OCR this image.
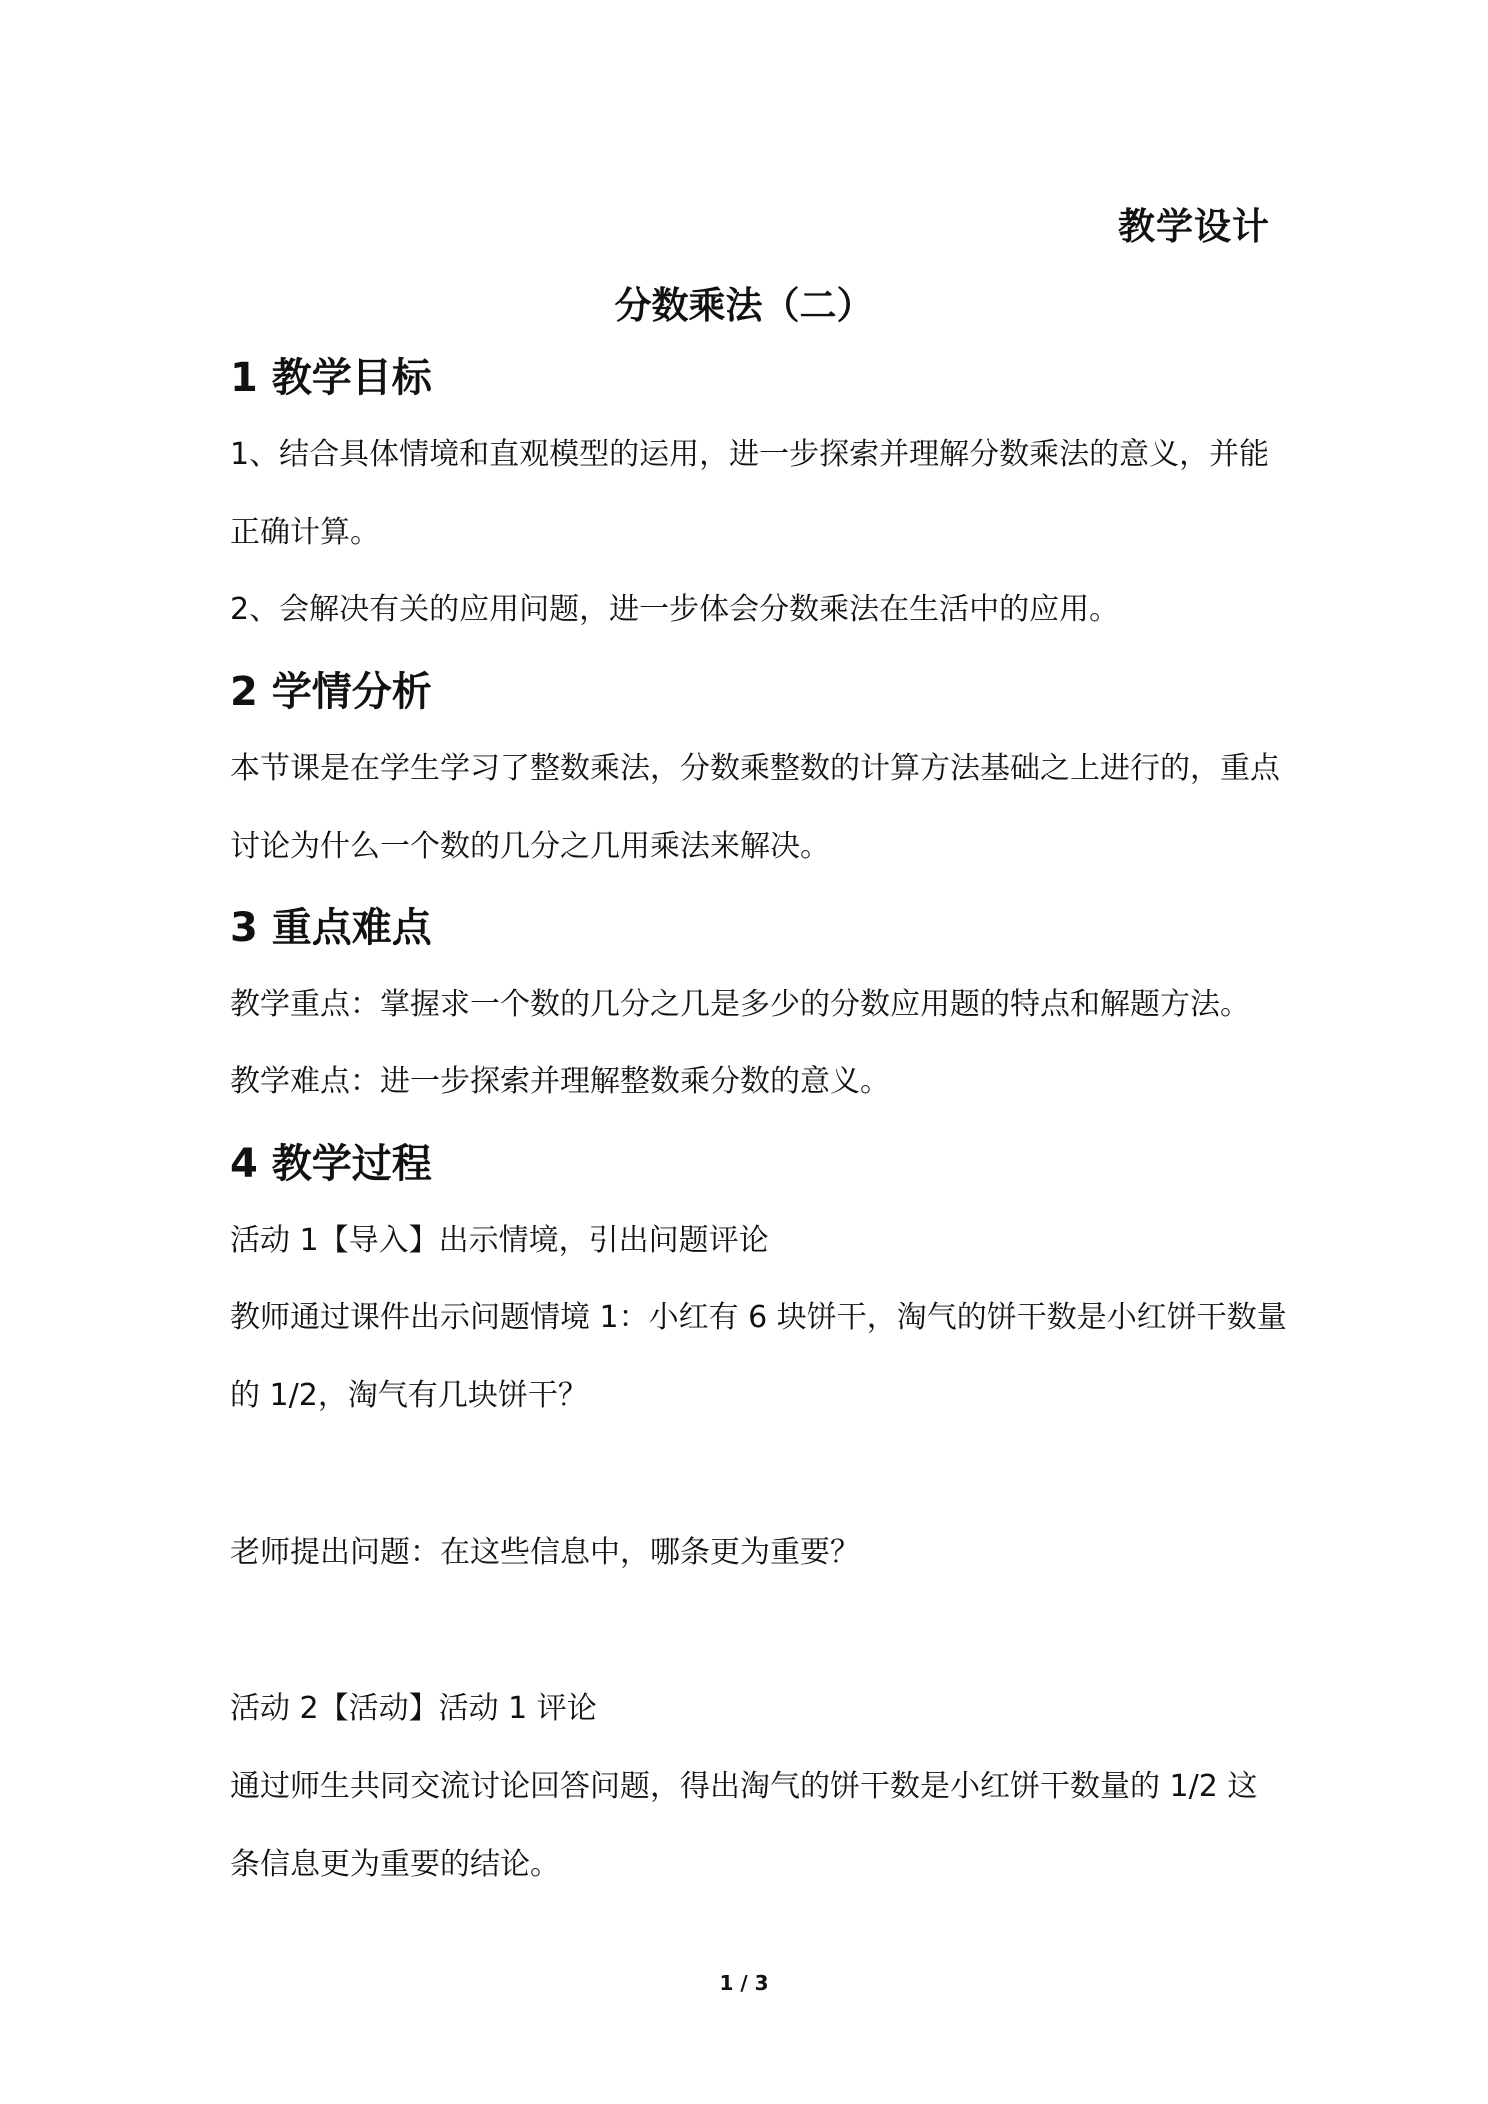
教学设计
分数乘法（二）
1 教学目标
1、结合具体情境和直观模型的运用，进一步探索并理解分数乘法的意义，并能
正确计算。
2、会解决有关的应用问题，进一步体会分数乘法在生活中的应用。
2 学情分析
本节课是在学生学习了整数乘法，分数乘整数的计算方法基础之上进行的，重点
讨论为什么一个数的几分之几用乘法来解决。
3 重点难点
教学重点：掌握求一个数的几分之几是多少的分数应用题的特点和解题方法。
教学难点：进一步探索并理解整数乘分数的意义。
4 教学过程
活动 1【导入】出示情境，引出问题评论
教师通过课件出示问题情境 1：小红有 6 块饼干，淘气的饼干数是小红饼干数量
的 1/2，淘气有几块饼干？
老师提出问题：在这些信息中，哪条更为重要？
活动 2【活动】活动 1 评论
通过师生共同交流讨论回答问题，得出淘气的饼干数是小红饼干数量的 1/2 这
条信息更为重要的结论。
1 / 3
